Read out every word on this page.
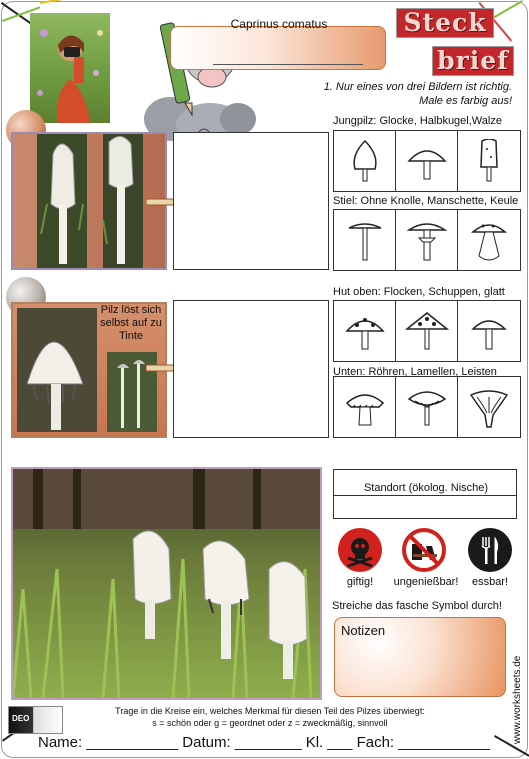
Caprinus comatus	Steck
brief
1. Nur eines von drei Bildern ist richtig.
Male es farbig aus!
Jungpilz: Glocke, Halbkugel,Walze
Stiel: Ohne Knolle, Manschette, Keule
Pilz löst sich selbst auf zu Tinte
Hut oben: Flocken, Schuppen, glatt
Unten: Röhren, Lamellen, Leisten
Standort (ökolog. Nische)
giftig!	ungenießbar!	essbar!
Streiche das fasche Symbol durch!
Notizen
www.worksheets.de
DEO
Trage in die Kreise ein, welches Merkmal für diesen Teil des Pilzes überwiegt:
s = schön oder g = geordnet oder z = zweckmäßig, sinnvoll
Name: ___________ Datum: ________ Kl. ___ Fach: ___________
